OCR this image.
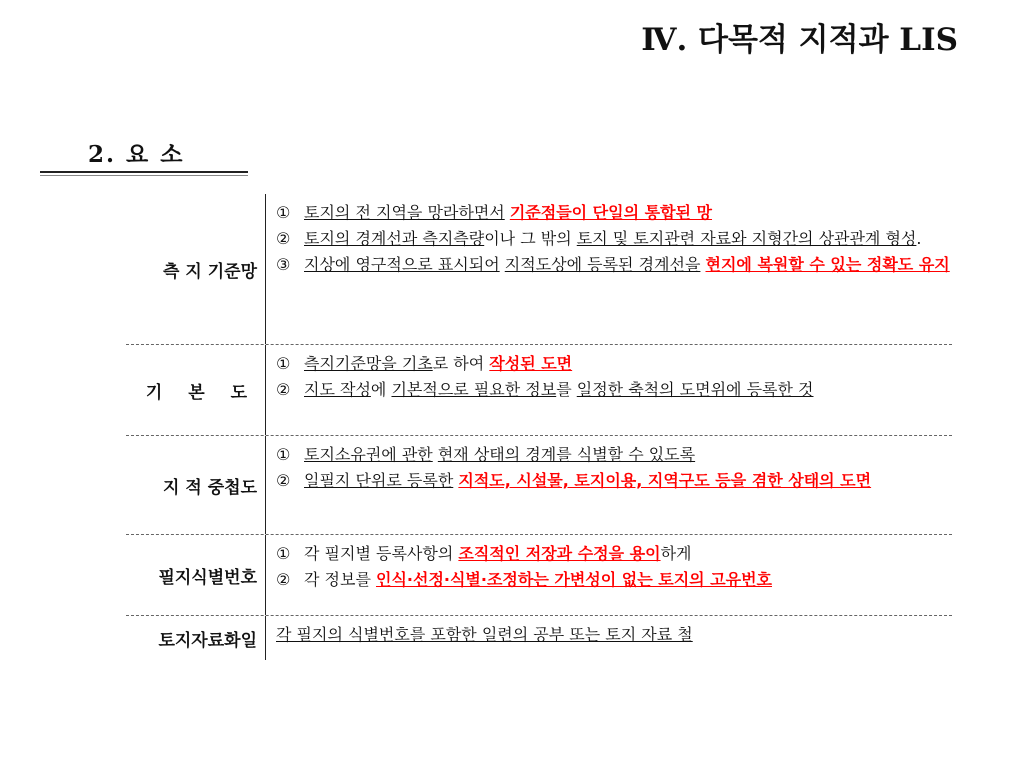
Ⅳ. 다목적 지적과 LIS
2. 요 소
측 지 기준망
① 토지의 전 지역을 망라하면서 기준점들이 단일의 통합된 망
② 토지의 경계선과 측지측량이나 그 밖의 토지 및 토지관련 자료와 지형간의 상관관계 형성.
③ 지상에 영구적으로 표시되어 지적도상에 등록된 경계선을 현지에 복원할 수 있는 정확도 유지
기 본 도
① 측지기준망을 기초로 하여 작성된 도면
② 지도 작성에 기본적으로 필요한 정보를 일정한 축척의 도면위에 등록한 것
지 적 중첩도
① 토지소유권에 관한 현재 상태의 경계를 식별할 수 있도록
② 일필지 단위로 등록한 지적도, 시설물, 토지이용, 지역구도 등을 겸한 상태의 도면
필지식별번호
① 각 필지별 등록사항의 조직적인 저장과 수정을 용이하게
② 각 정보를 인식·선정·식별·조정하는 가변성이 없는 토지의 고유번호
토지자료화일	각 필지의 식별번호를 포함한 일련의 공부 또는 토지 자료 철
